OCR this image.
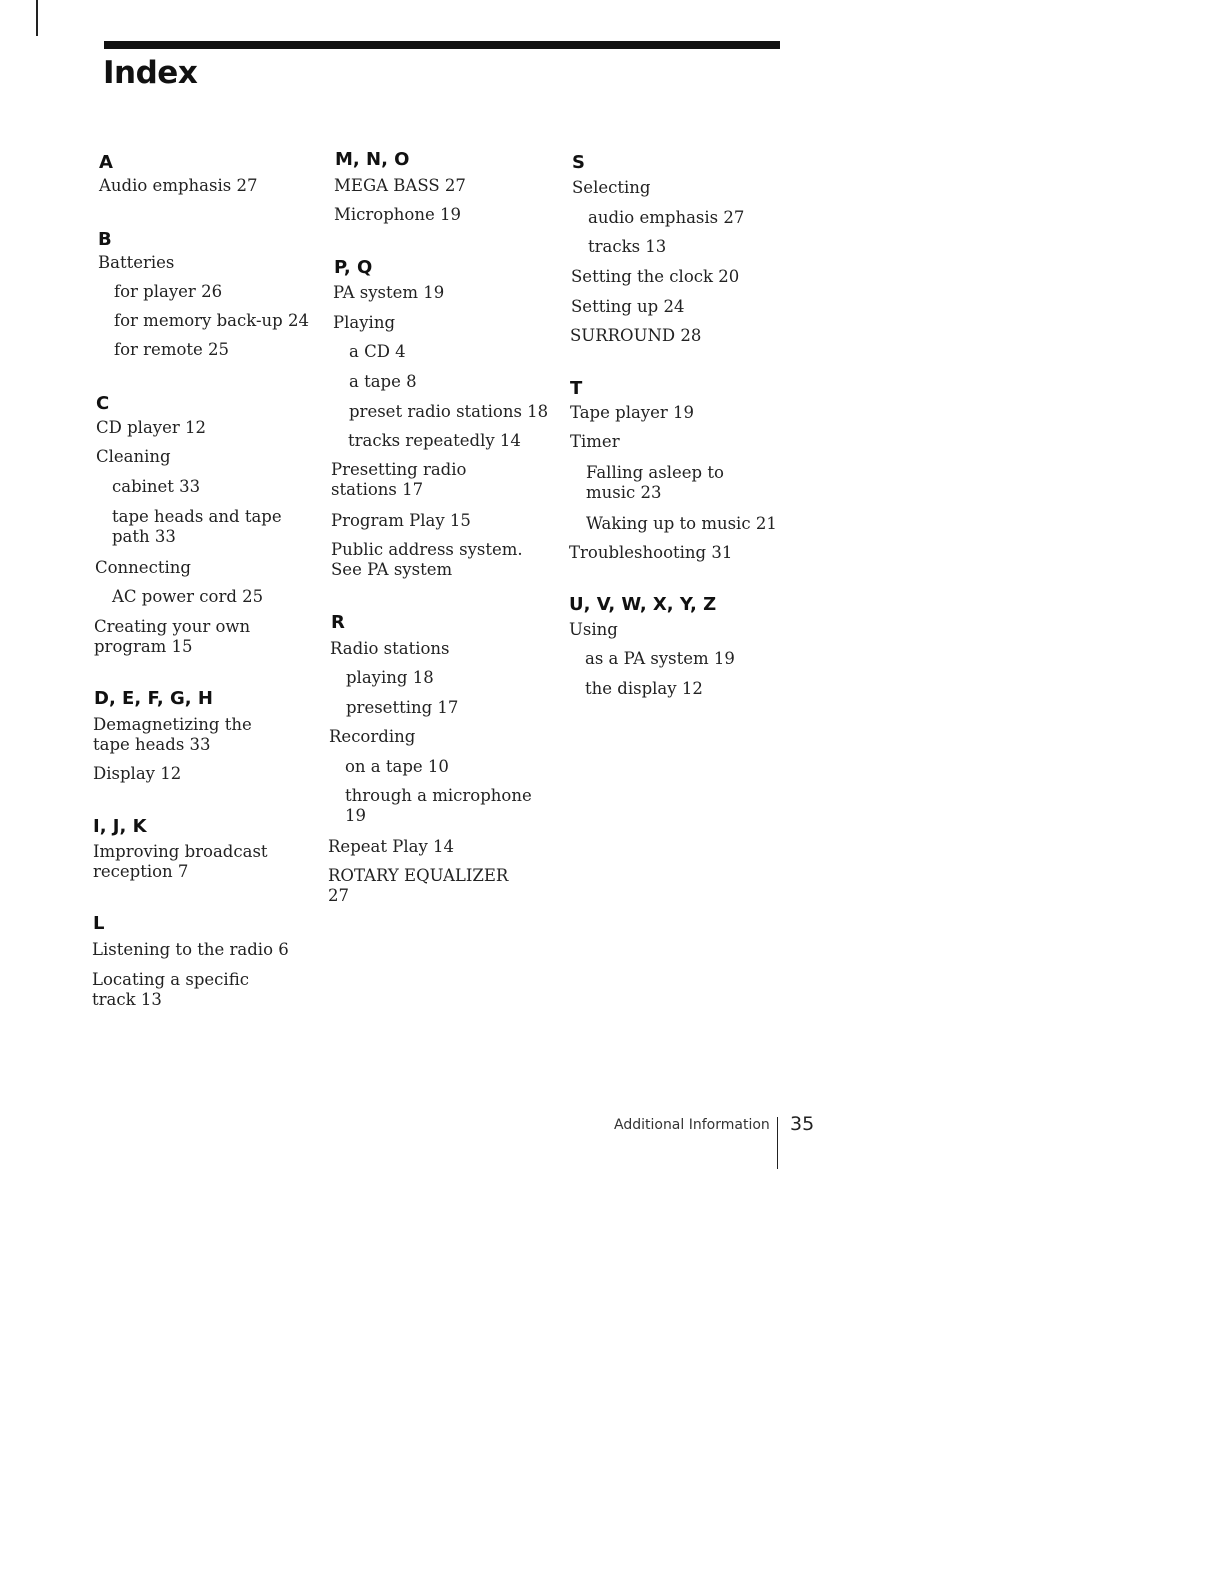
Index
A
Audio emphasis 27
B
Batteries
for player 26
for memory back-up 24
for remote 25
C
CD player 12
Cleaning
cabinet 33
tape heads and tape path 33
Connecting
AC power cord 25
Creating your own program 15
D, E, F, G, H
Demagnetizing the tape heads 33
Display 12
I, J, K
Improving broadcast reception 7
L
Listening to the radio 6
Locating a specific track 13
M, N, O
MEGA BASS 27
Microphone 19
P, Q
PA system 19
Playing
a CD 4
a tape 8
preset radio stations 18
tracks repeatedly 14
Presetting radio stations 17
Program Play 15
Public address system. See PA system
R
Radio stations
playing 18
presetting 17
Recording
on a tape 10
through a microphone 19
Repeat Play 14
ROTARY EQUALIZER 27
S
Selecting
audio emphasis 27
tracks 13
Setting the clock 20
Setting up 24
SURROUND 28
T
Tape player 19
Timer
Falling asleep to music 23
Waking up to music 21
Troubleshooting 31
U, V, W, X, Y, Z
Using
as a PA system 19
the display 12
Additional Information 35
